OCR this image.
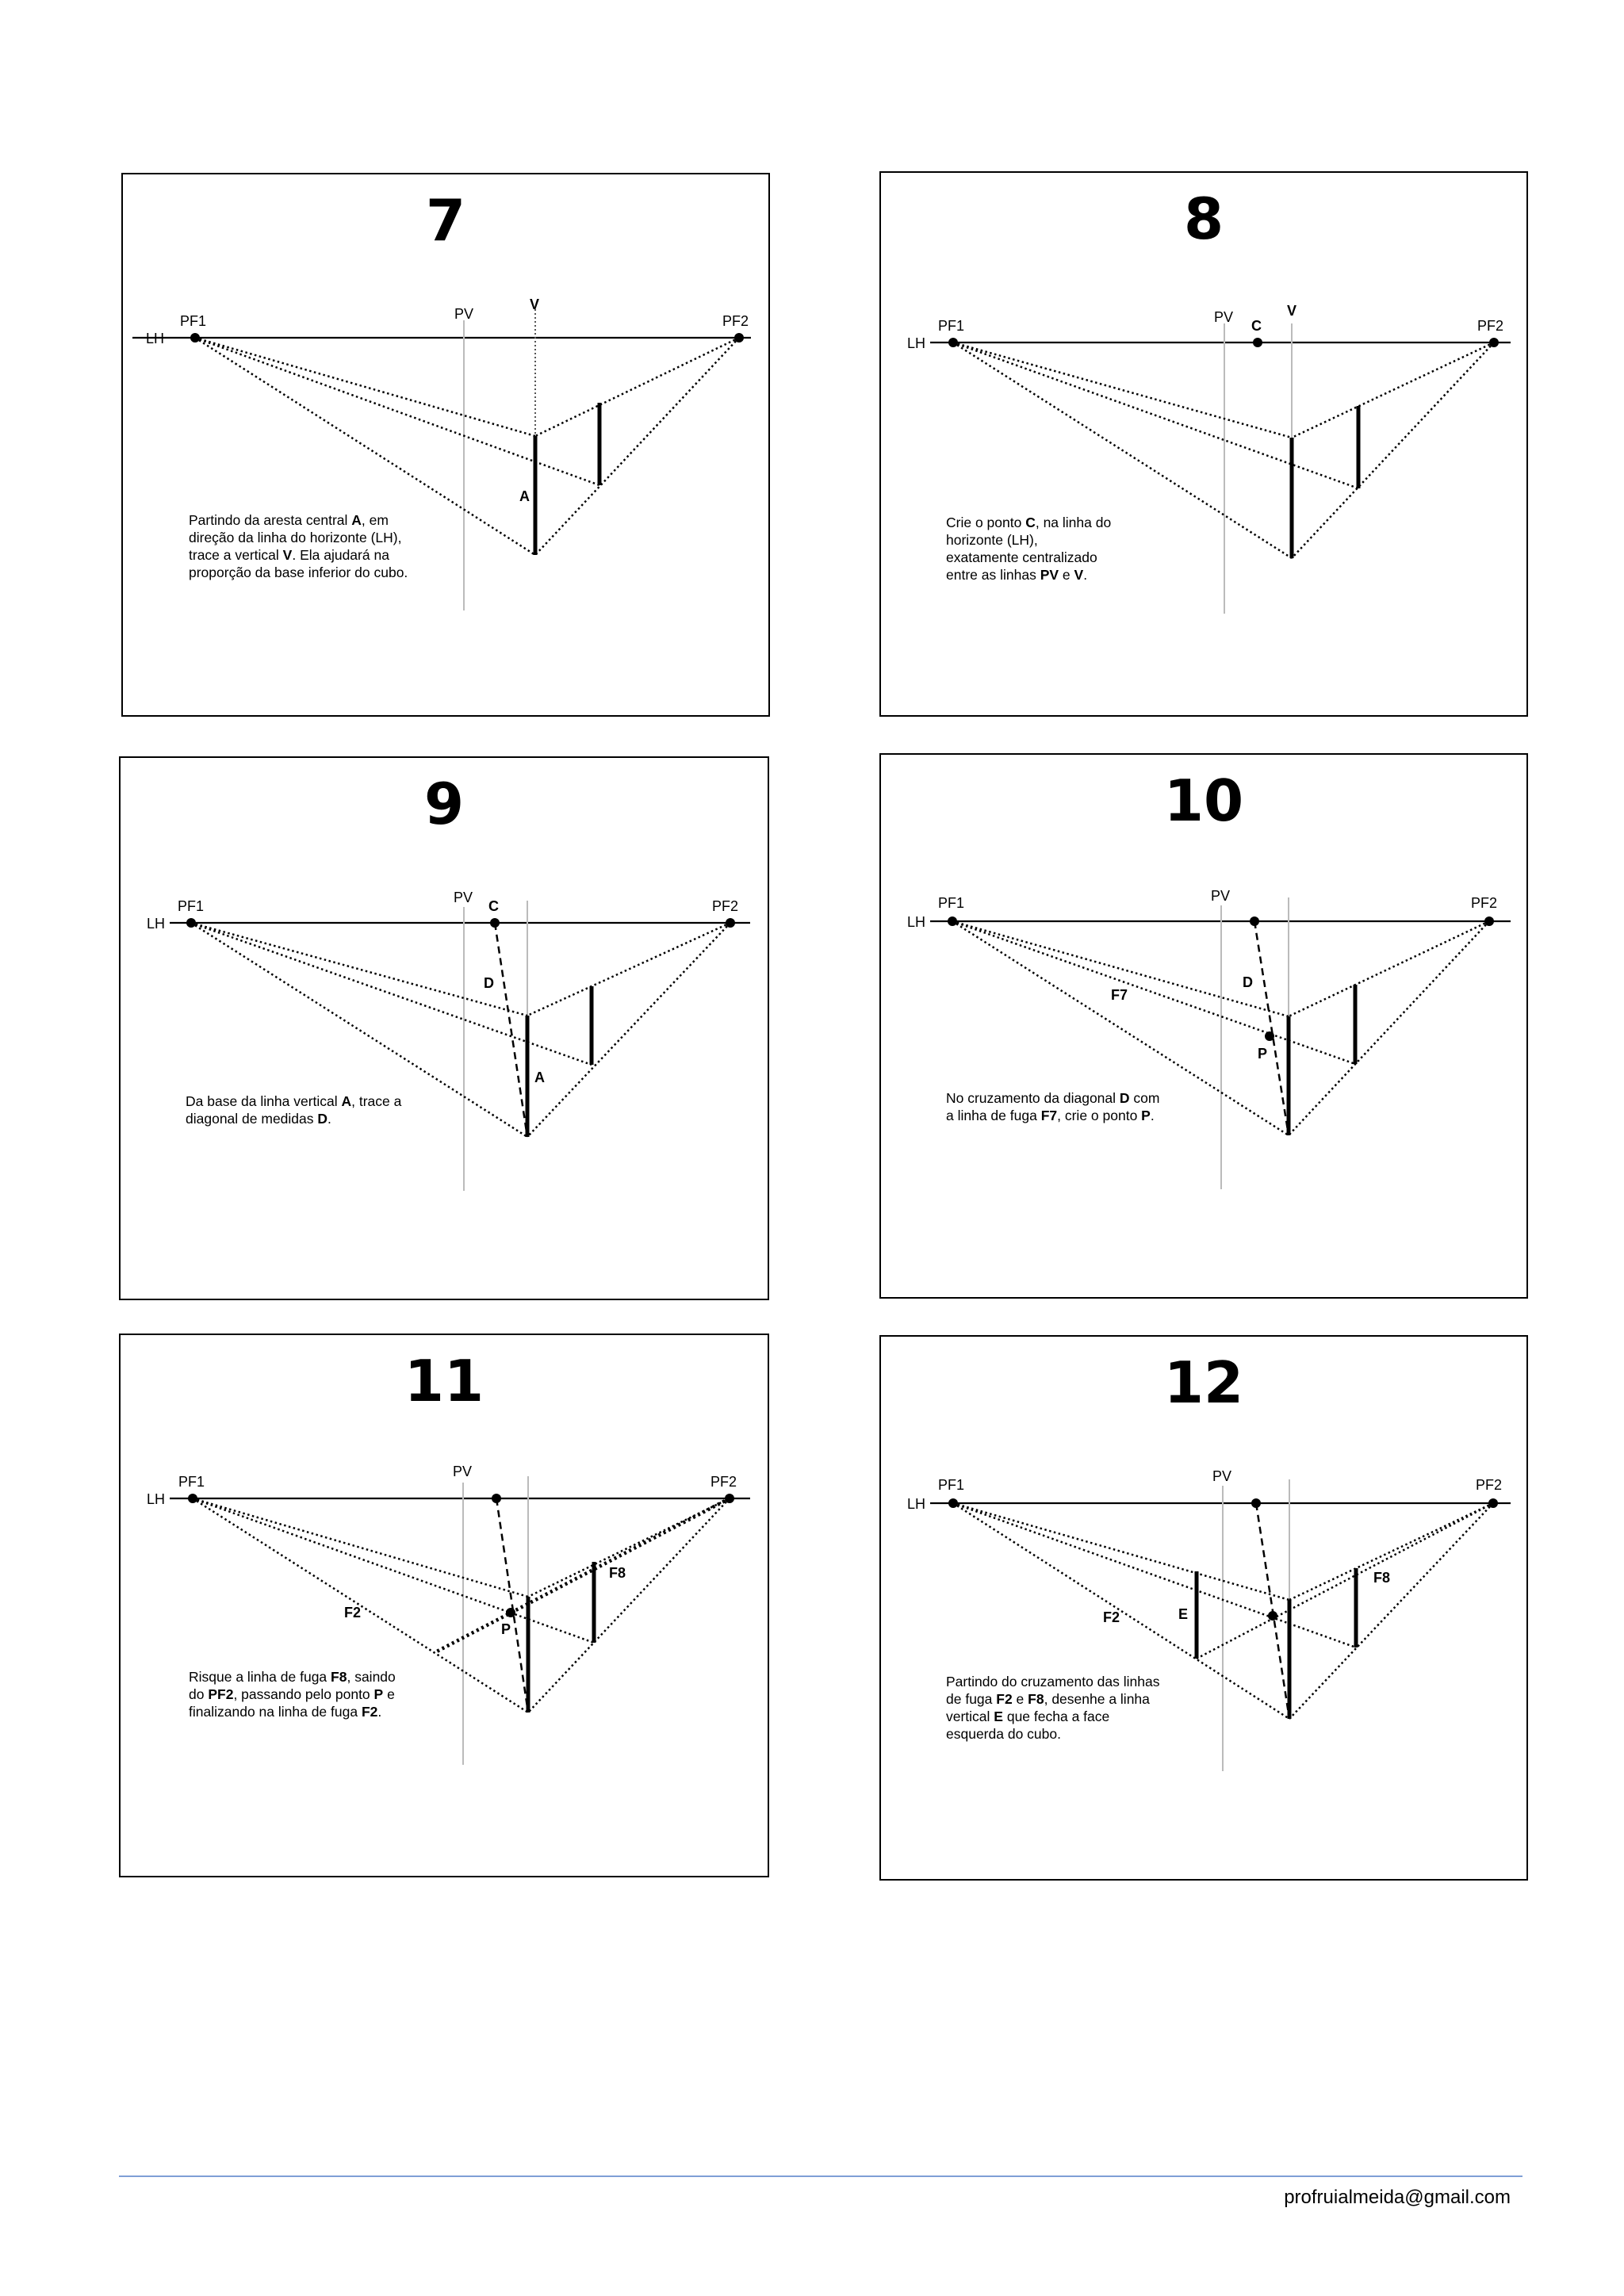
7
LH
PF1	PF2
PV
V
A

Partindo da aresta central A, em

direção da linha do horizonte (LH),

trace a vertical V. Ela ajudará na

proporção da base inferior do cubo.

8
LH
PF1	PF2
PV
C
V

Crie o ponto C, na linha do

horizonte (LH),

exatamente centralizado

entre as linhas PV e V.

9
LH
PF1	PF2
PV
C
D
A

Da base da linha vertical A, trace a

diagonal de medidas D.

10
LH
PF1	PF2
PV
D
F7
P

No cruzamento da diagonal D com

a linha de fuga F7, crie o ponto P.

11
LH
PF1	PF2
PV
F8
F2
P

Risque a linha de fuga F8, saindo

do PF2, passando pelo ponto P e

finalizando na linha de fuga F2.

12
LH
PF1	PF2
PV
F8
F2	E

Partindo do cruzamento das linhas

de fuga F2 e F8, desenhe a linha

vertical E que fecha a face

esquerda do cubo.

profruialmeida@gmail.com
